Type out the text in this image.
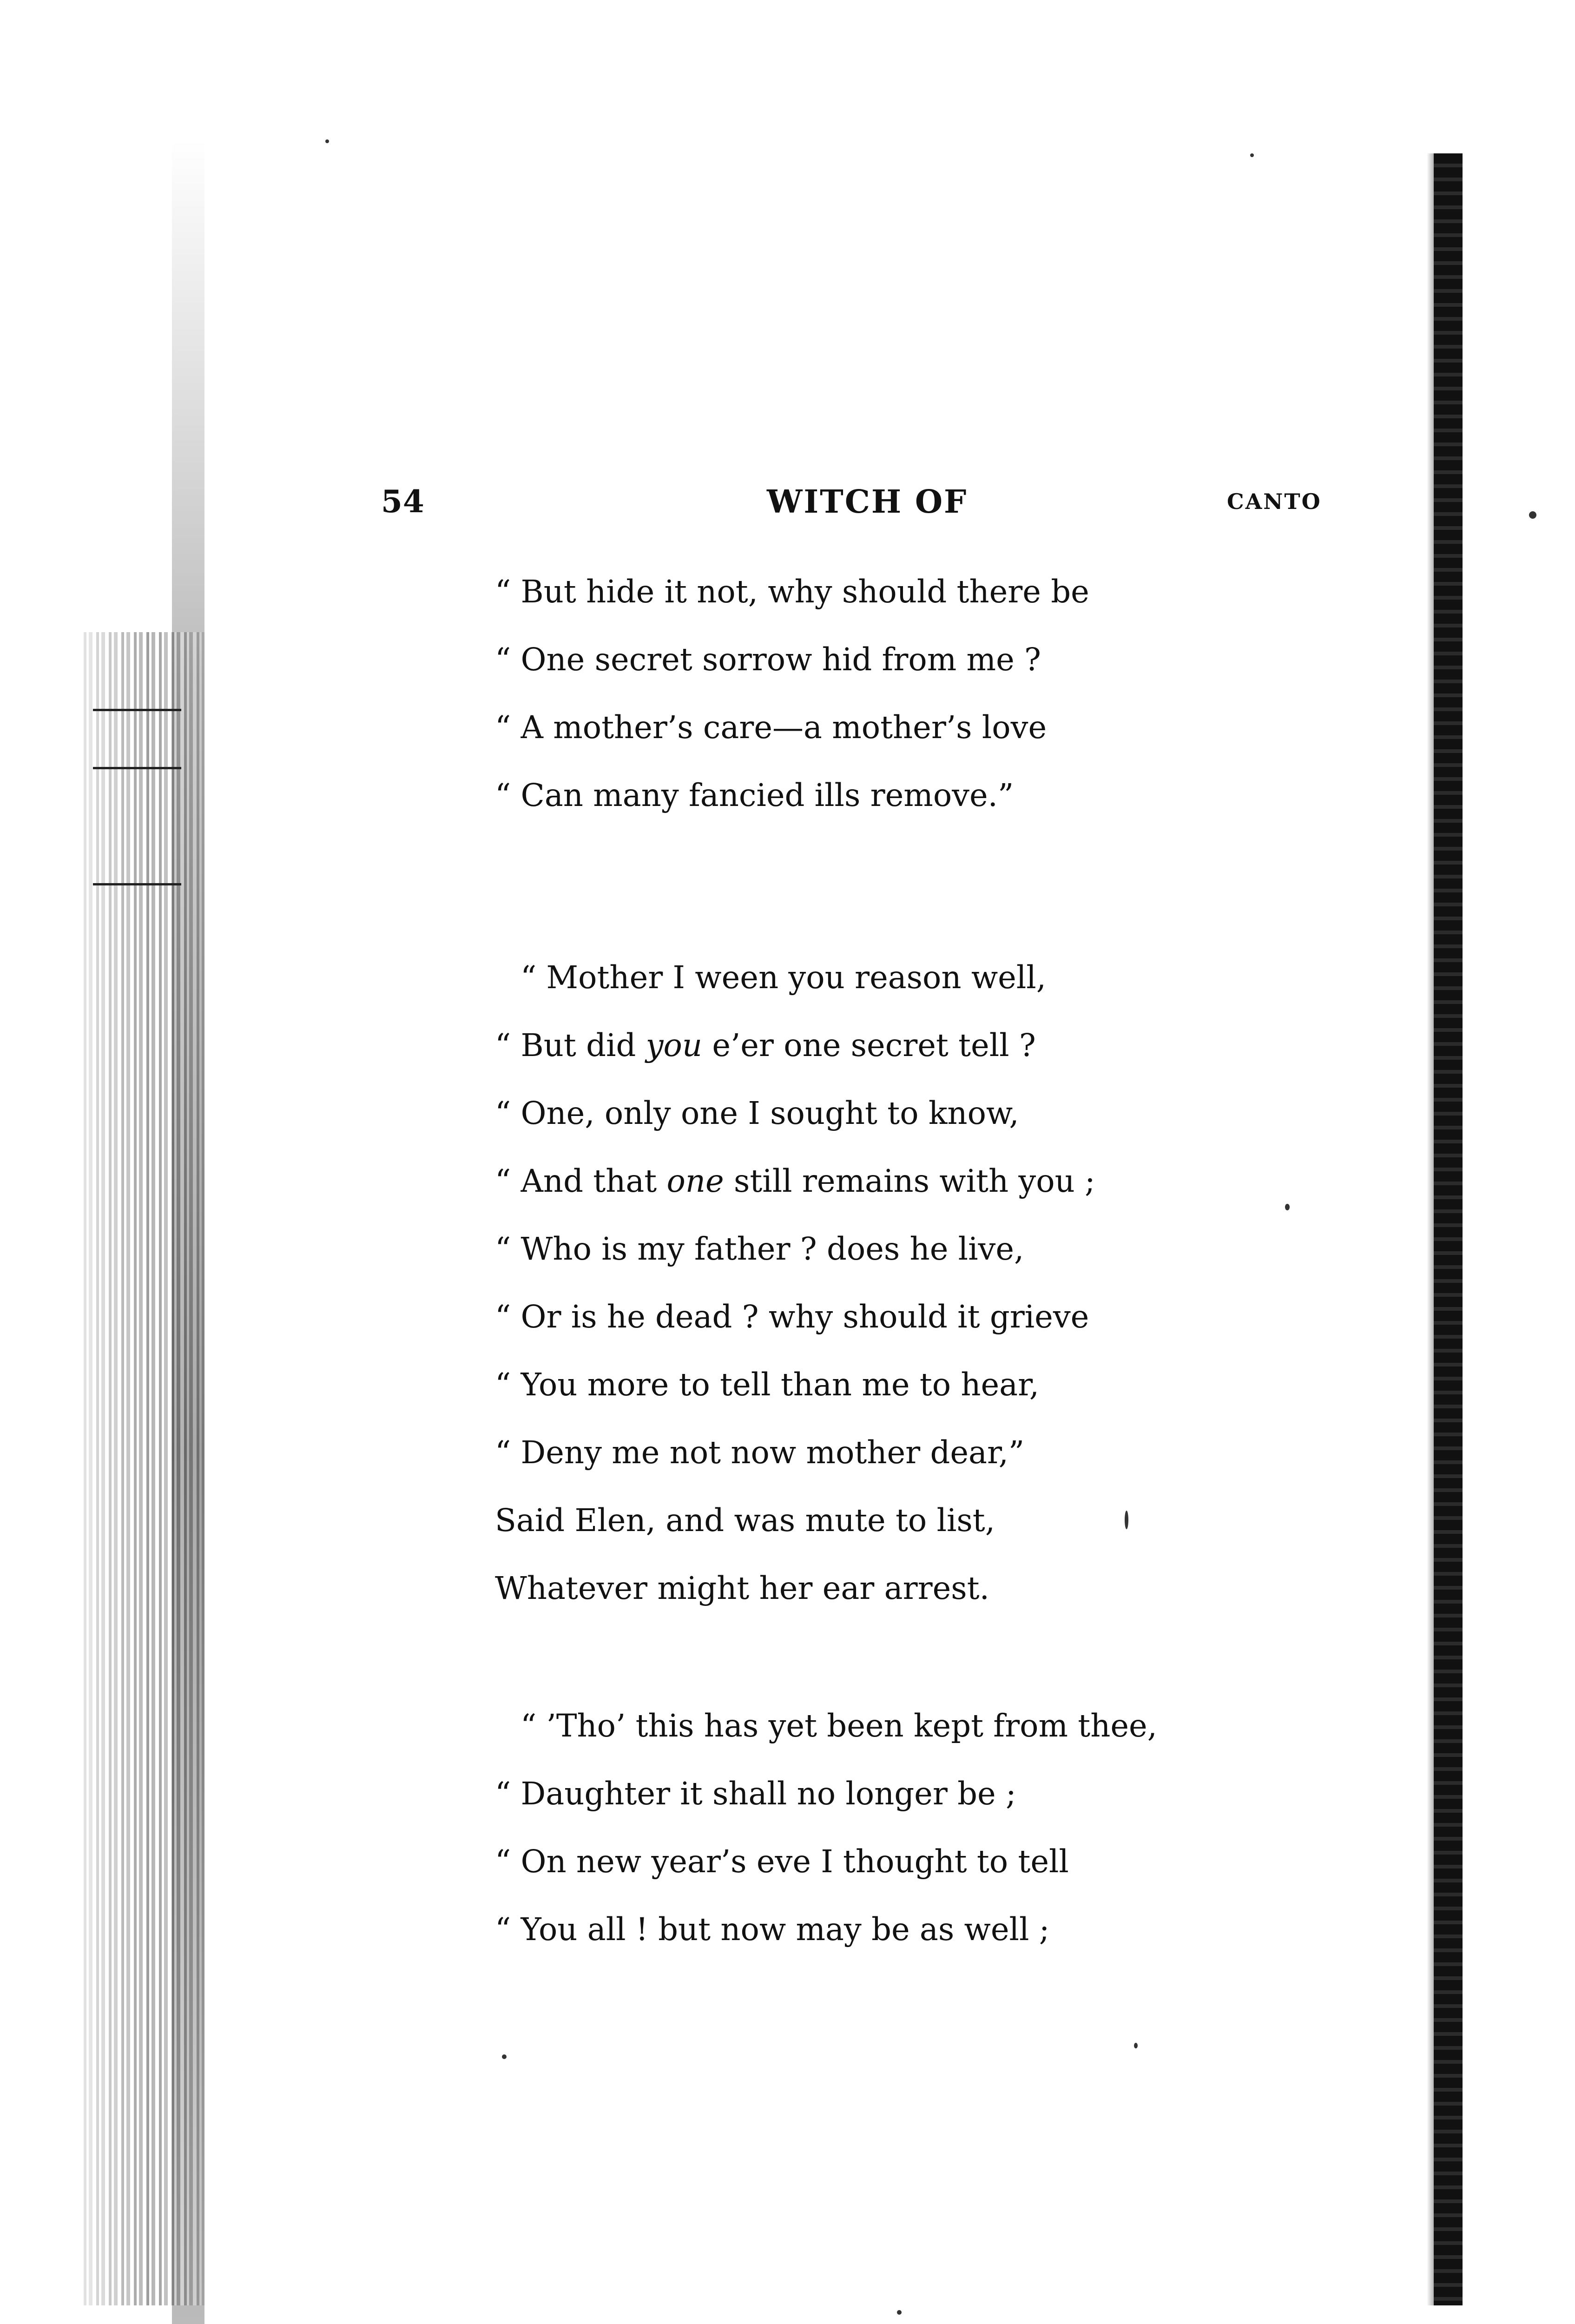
54	WITCH OF	CANTO
“ But hide it not, why should there be
“ One secret sorrow hid from me ?
“ A mother’s care—a mother’s love
“ Can many fancied ills remove.”
“ Mother I ween you reason well,
“ But did you e’er one secret tell ?
“ One, only one I sought to know,
“ And that one still remains with you ;
“ Who is my father ? does he live,
“ Or is he dead ? why should it grieve
“ You more to tell than me to hear,
“ Deny me not now mother dear,”
Said Elen, and was mute to list,
Whatever might her ear arrest.
“ ’Tho’ this has yet been kept from thee,
“ Daughter it shall no longer be ;
“ On new year’s eve I thought to tell
“ You all ! but now may be as well ;
